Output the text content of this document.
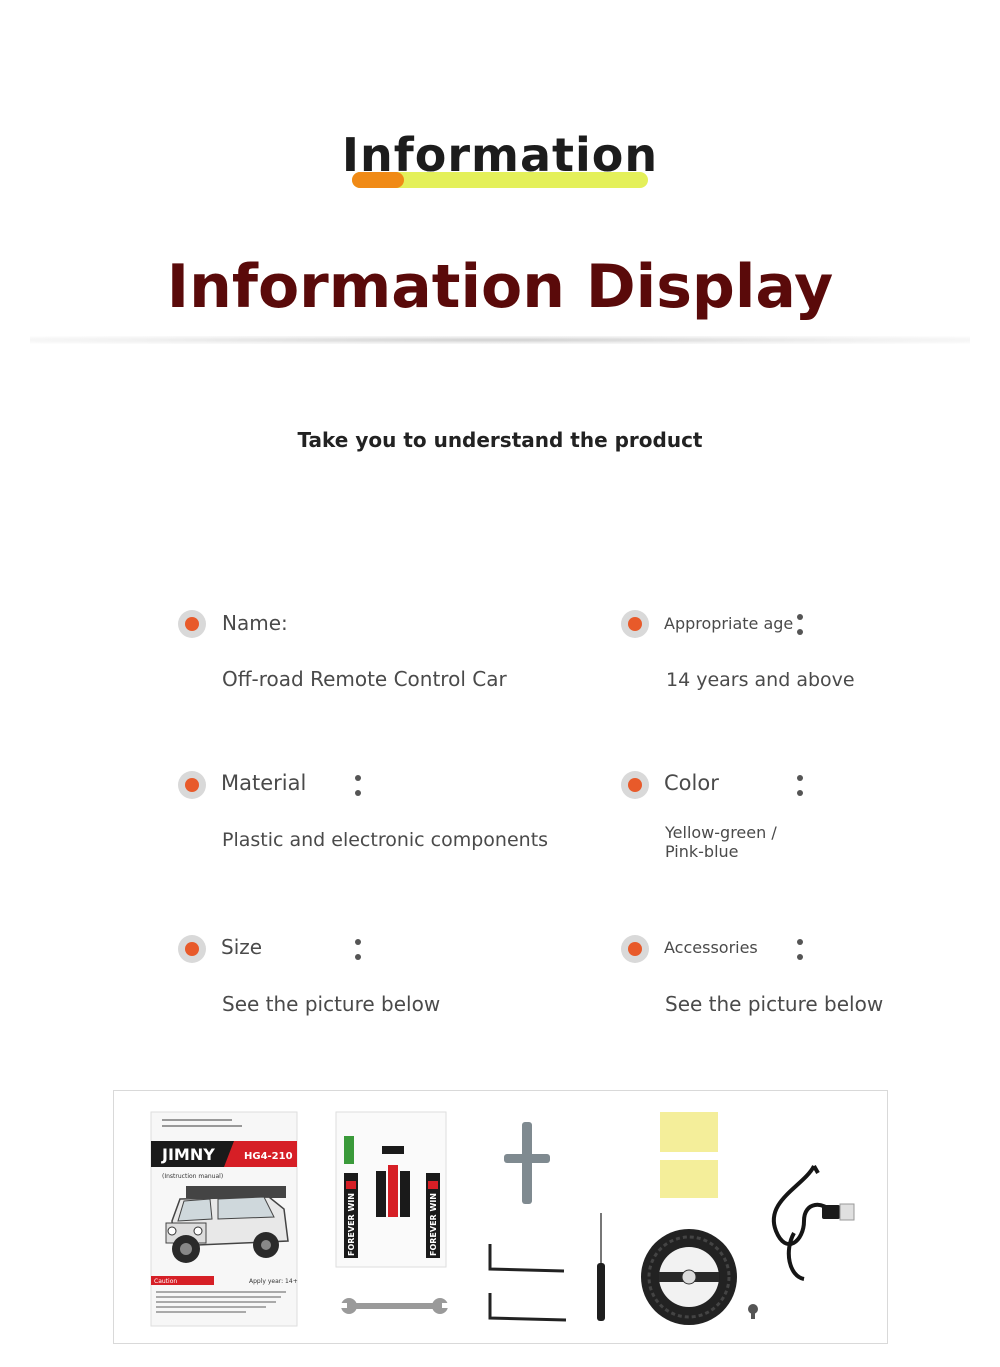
Information
Information Display
Take you to understand the product
Name:
Off-road Remote Control Car
Appropriate age
14 years and above
Material
Plastic and electronic components
Color
Yellow-green /
Pink-blue
Size
See the picture below
Accessories
See the picture below
JIMNY	HG4-210
(Instruction manual)
Caution	Apply year: 14+
FOREVER WIN	FOREVER WIN
